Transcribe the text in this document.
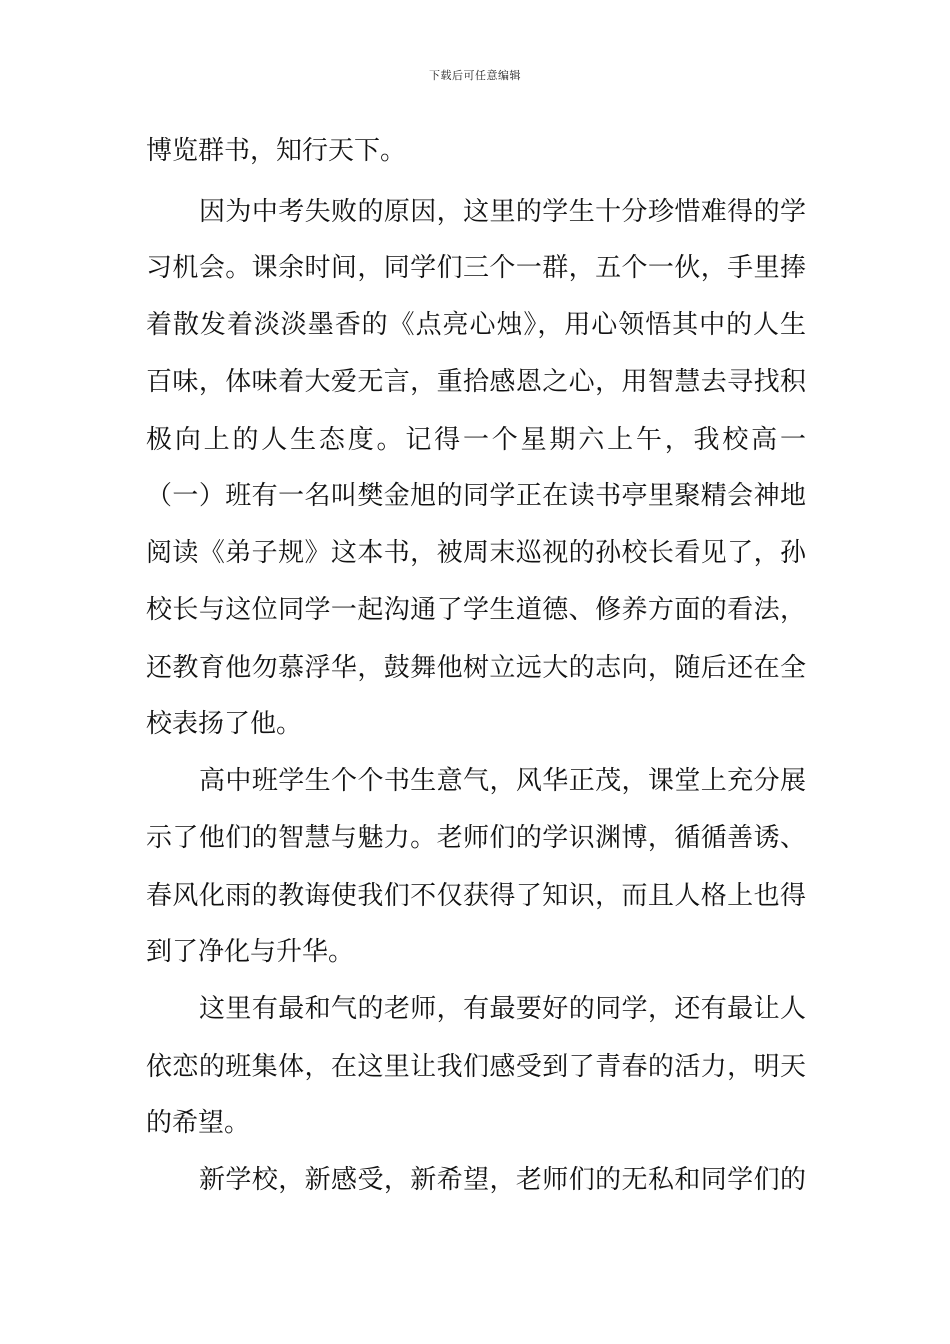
下载后可任意编辑
博览群书，知行天下。
因为中考失败的原因，这里的学生十分珍惜难得的学
习机会。课余时间，同学们三个一群，五个一伙，手里捧
着散发着淡淡墨香的《点亮心烛》，用心领悟其中的人生
百味，体味着大爱无言，重拾感恩之心，用智慧去寻找积
极向上的人生态度。记得一个星期六上午，我校高一
（一）班有一名叫樊金旭的同学正在读书亭里聚精会神地
阅读《弟子规》这本书，被周末巡视的孙校长看见了，孙
校长与这位同学一起沟通了学生道德、修养方面的看法，
还教育他勿慕浮华，鼓舞他树立远大的志向，随后还在全
校表扬了他。
高中班学生个个书生意气，风华正茂，课堂上充分展
示了他们的智慧与魅力。老师们的学识渊博，循循善诱、
春风化雨的教诲使我们不仅获得了知识，而且人格上也得
到了净化与升华。
这里有最和气的老师，有最要好的同学，还有最让人
依恋的班集体，在这里让我们感受到了青春的活力，明天
的希望。
新学校，新感受，新希望，老师们的无私和同学们的
